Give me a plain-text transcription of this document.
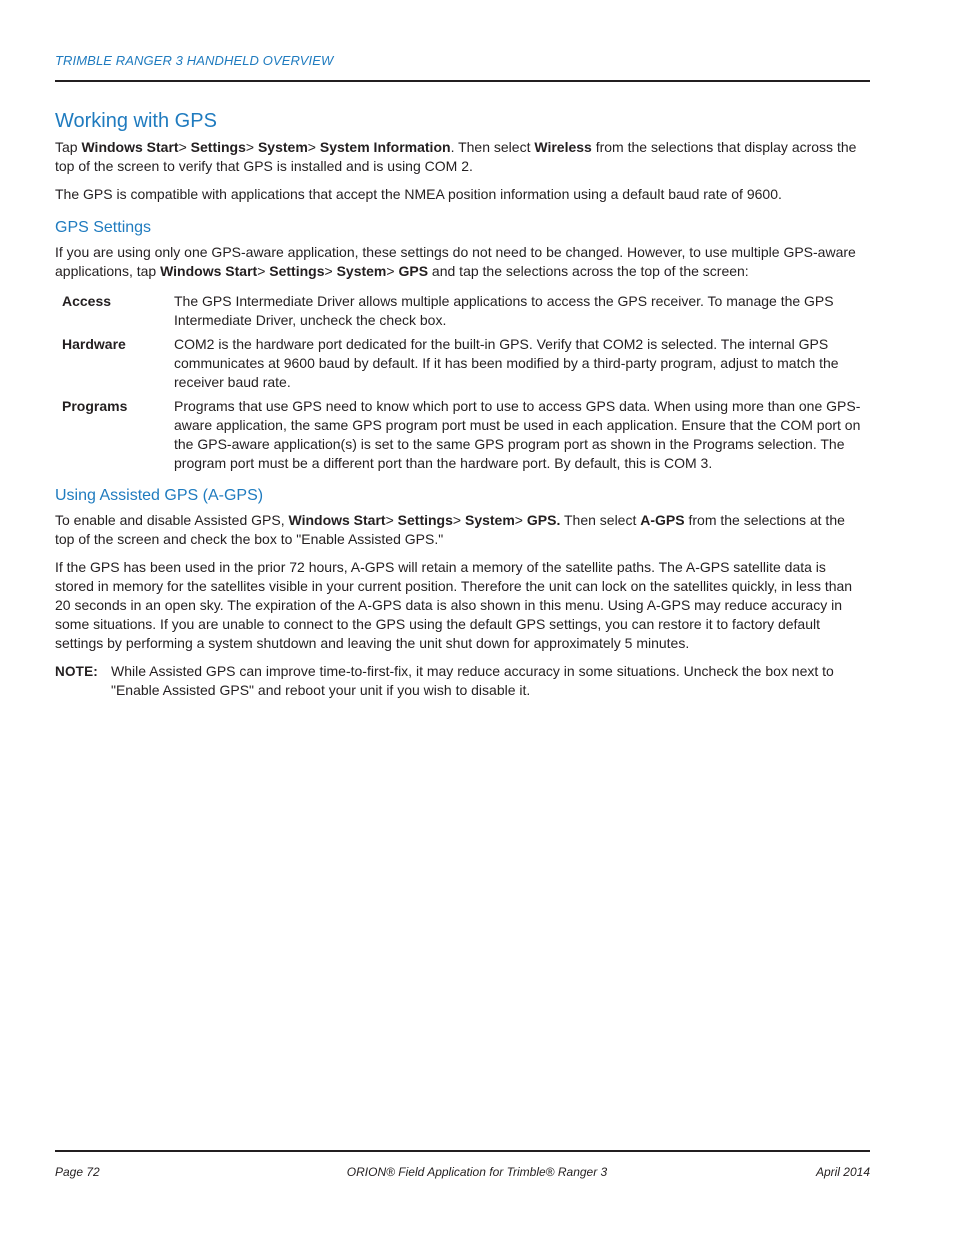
TRIMBLE RANGER 3 HANDHELD OVERVIEW
Working with GPS

Tap Windows Start> Settings> System> System Information. Then select Wireless from the selections that display across the top of the screen to verify that GPS is installed and is using COM 2.

The GPS is compatible with applications that accept the NMEA position information using a default baud rate of 9600.

GPS Settings

If you are using only one GPS-aware application, these settings do not need to be changed. However, to use multiple GPS-aware applications, tap Windows Start> Settings> System> GPS and tap the selections across the top of the screen:

Access	The GPS Intermediate Driver allows multiple applications to access the GPS receiver. To manage the GPS Intermediate Driver, uncheck the check box.
Hardware	COM2 is the hardware port dedicated for the built-in GPS. Verify that COM2 is selected. The internal GPS communicates at 9600 baud by default. If it has been modified by a third-party program, adjust to match the receiver baud rate.
Programs	Programs that use GPS need to know which port to use to access GPS data. When using more than one GPS-aware application, the same GPS program port must be used in each application. Ensure that the COM port on the GPS-aware application(s) is set to the same GPS program port as shown in the Programs selection. The program port must be a different port than the hardware port. By default, this is COM 3.
Using Assisted GPS (A-GPS)

To enable and disable Assisted GPS, Windows Start> Settings> System> GPS. Then select A-GPS from the selections at the top of the screen and check the box to "Enable Assisted GPS."

If the GPS has been used in the prior 72 hours, A-GPS will retain a memory of the satellite paths. The A-GPS satellite data is stored in memory for the satellites visible in your current position. Therefore the unit can lock on the satellites quickly, in less than 20 seconds in an open sky. The expiration of the A-GPS data is also shown in this menu. Using A-GPS may reduce accuracy in some situations. If you are unable to connect to the GPS using the default GPS settings, you can restore it to factory default settings by performing a system shutdown and leaving the unit shut down for approximately 5 minutes.

NOTE: While Assisted GPS can improve time-to-first-fix, it may reduce accuracy in some situations. Uncheck the box next to "Enable Assisted GPS" and reboot your unit if you wish to disable it.
Page 72	ORION® Field Application for Trimble® Ranger 3	April 2014
